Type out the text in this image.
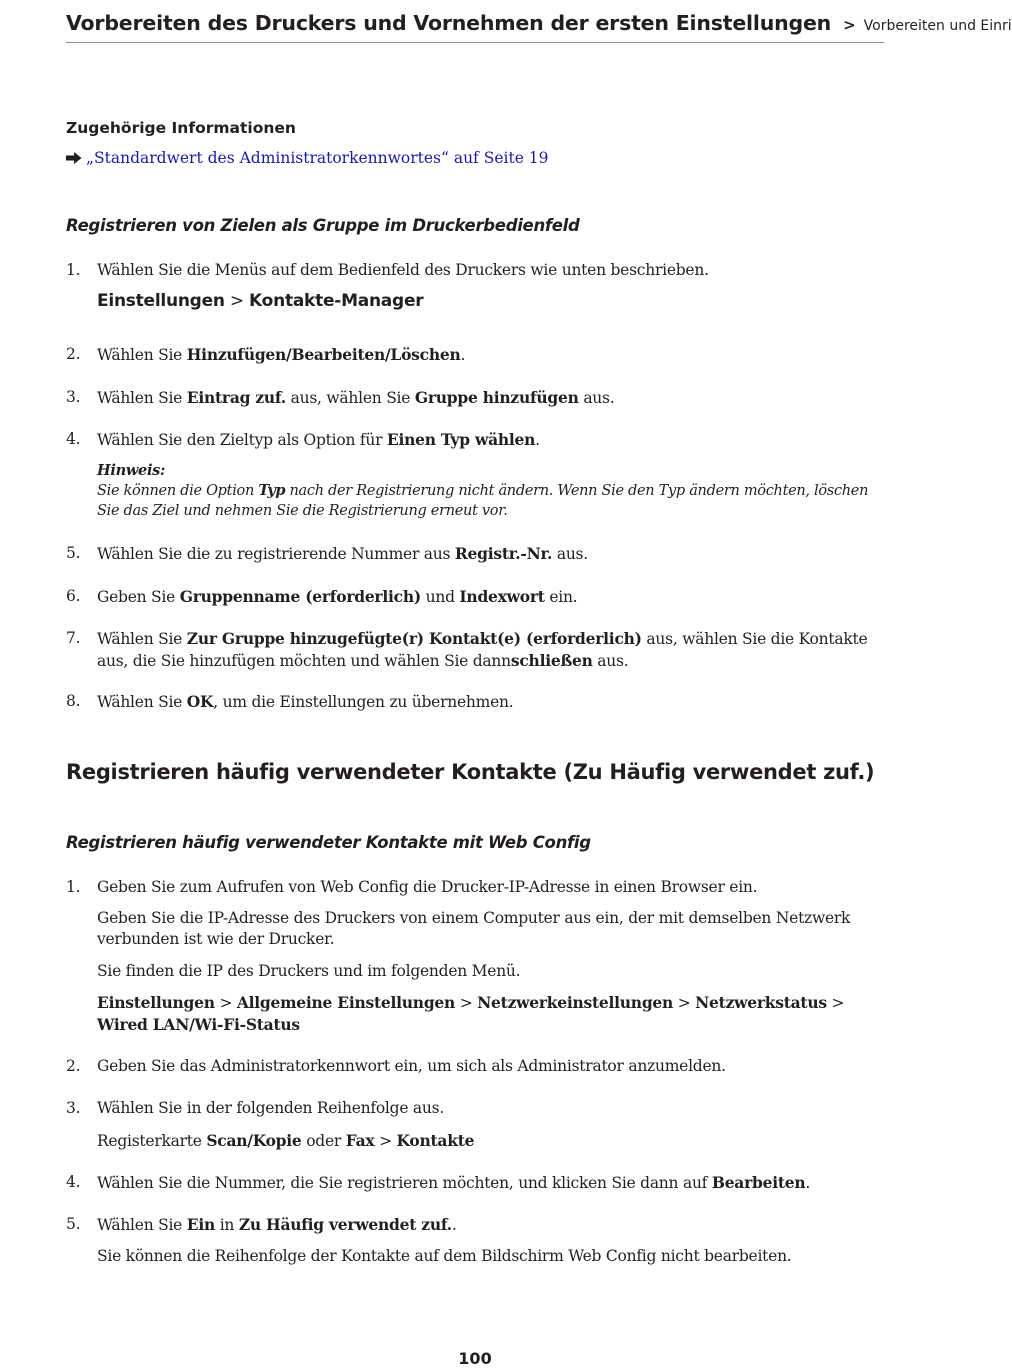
Vorbereiten des Druckers und Vornehmen der ersten Einstellungen > Vorbereiten und Einri
Zugehörige Informationen
„Standardwert des Administratorkennwortes“ auf Seite 19
Registrieren von Zielen als Gruppe im Druckerbedienfeld
1. Wählen Sie die Menüs auf dem Bedienfeld des Druckers wie unten beschrieben.
Einstellungen > Kontakte-Manager
2. Wählen Sie Hinzufügen/Bearbeiten/Löschen.
3. Wählen Sie Eintrag zuf. aus, wählen Sie Gruppe hinzufügen aus.
4. Wählen Sie den Zieltyp als Option für Einen Typ wählen.
Hinweis:
Sie können die Option Typ nach der Registrierung nicht ändern. Wenn Sie den Typ ändern möchten, löschen Sie das Ziel und nehmen Sie die Registrierung erneut vor.
5. Wählen Sie die zu registrierende Nummer aus Registr.-Nr. aus.
6. Geben Sie Gruppenname (erforderlich) und Indexwort ein.
7. Wählen Sie Zur Gruppe hinzugefügte(r) Kontakt(e) (erforderlich) aus, wählen Sie die Kontakte aus, die Sie hinzufügen möchten und wählen Sie dannschließen aus.
8. Wählen Sie OK, um die Einstellungen zu übernehmen.
Registrieren häufig verwendeter Kontakte (Zu Häufig verwendet zuf.)
Registrieren häufig verwendeter Kontakte mit Web Config
1. Geben Sie zum Aufrufen von Web Config die Drucker-IP-Adresse in einen Browser ein.
Geben Sie die IP-Adresse des Druckers von einem Computer aus ein, der mit demselben Netzwerk verbunden ist wie der Drucker.
Sie finden die IP des Druckers und im folgenden Menü.
Einstellungen > Allgemeine Einstellungen > Netzwerkeinstellungen > Netzwerkstatus > Wired LAN/Wi-Fi-Status
2. Geben Sie das Administratorkennwort ein, um sich als Administrator anzumelden.
3. Wählen Sie in der folgenden Reihenfolge aus.
Registerkarte Scan/Kopie oder Fax > Kontakte
4. Wählen Sie die Nummer, die Sie registrieren möchten, und klicken Sie dann auf Bearbeiten.
5. Wählen Sie Ein in Zu Häufig verwendet zuf..
Sie können die Reihenfolge der Kontakte auf dem Bildschirm Web Config nicht bearbeiten.
100
